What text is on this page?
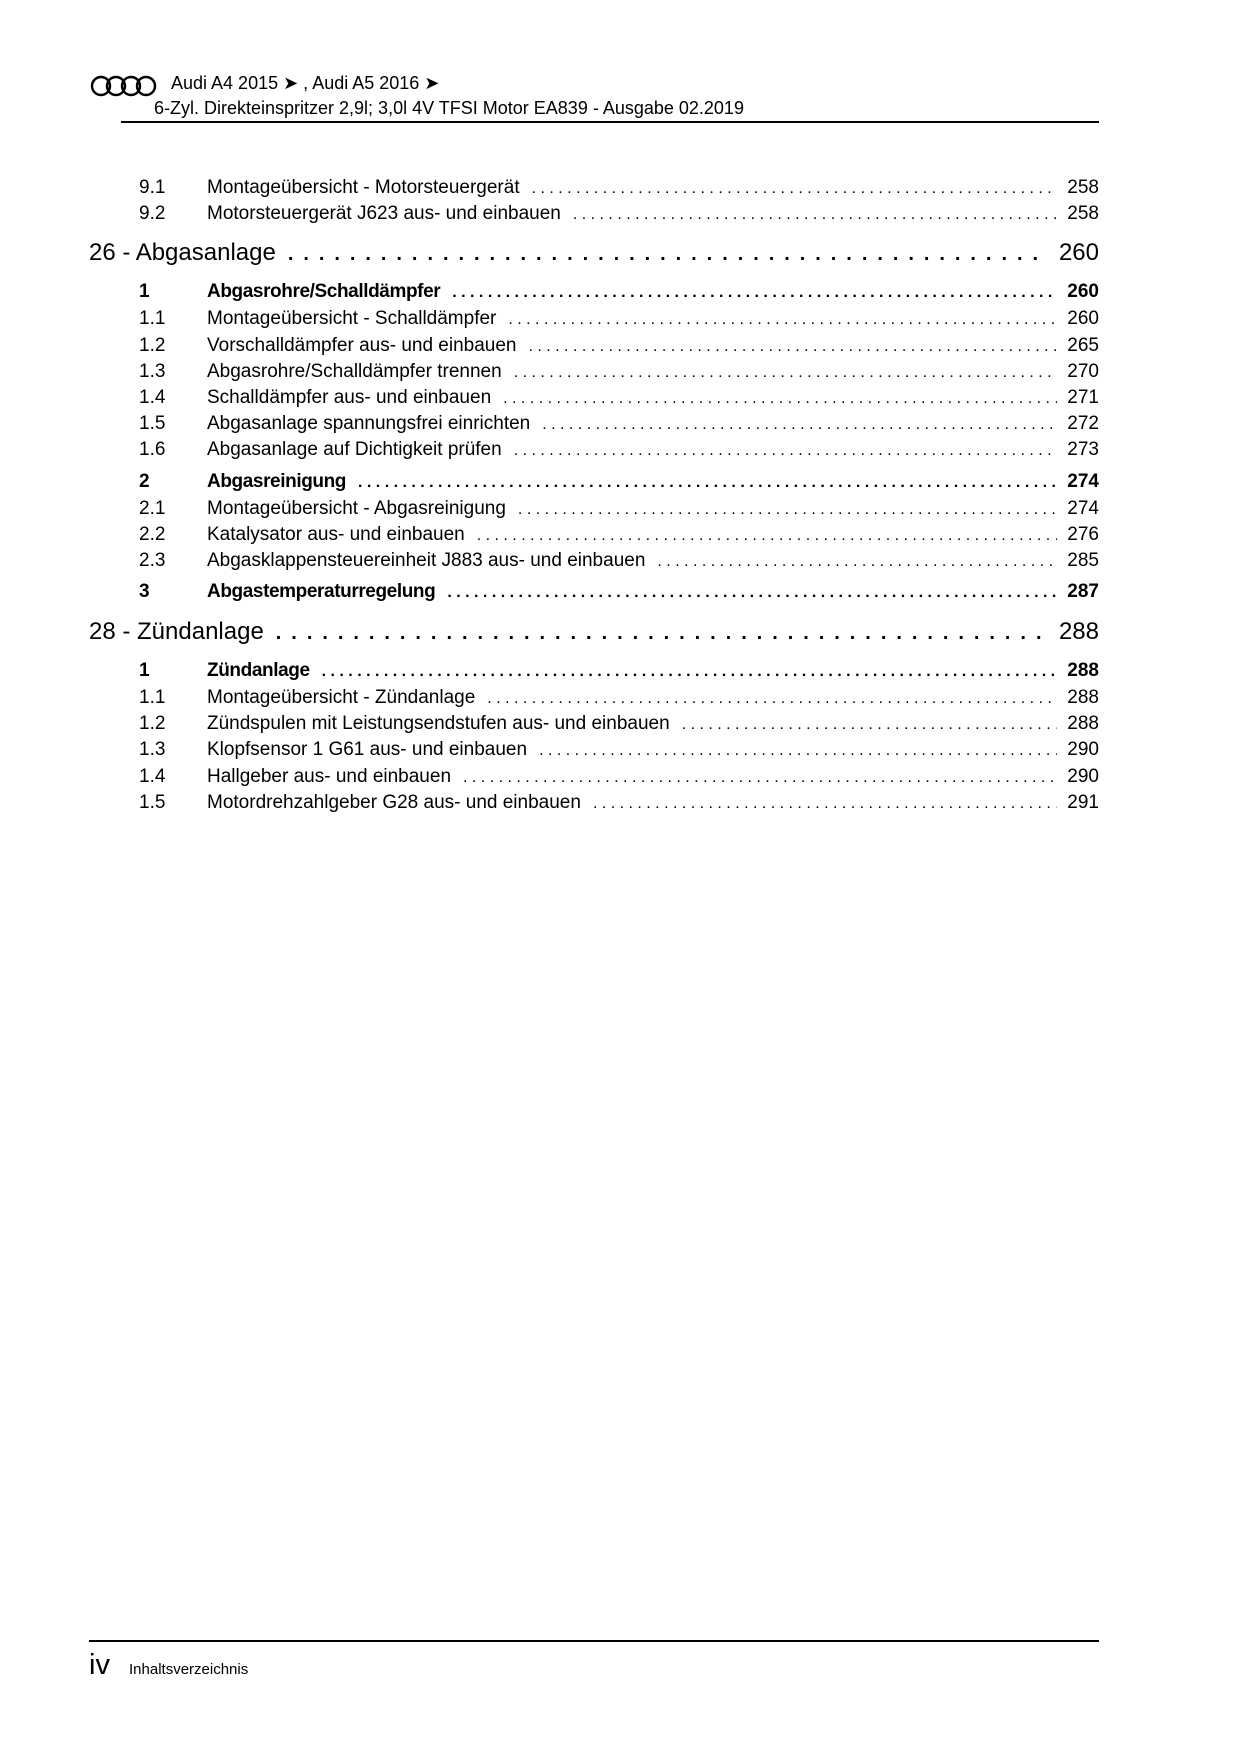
Audi A4 2015 ➤ , Audi A5 2016 ➤
6-Zyl. Direkteinspritzer 2,9l; 3,0l 4V TFSI Motor EA839 - Ausgabe 02.2019
9.1	Montageübersicht - Motorsteuergerät . . .	258
9.2	Motorsteuergerät J623 aus- und einbauen . . .	258
26 - Abgasanlage . . .	260
1	Abgasrohre/Schalldämpfer . . .	260
1.1	Montageübersicht - Schalldämpfer . . .	260
1.2	Vorschalldämpfer aus- und einbauen . . .	265
1.3	Abgasrohre/Schalldämpfer trennen . . .	270
1.4	Schalldämpfer aus- und einbauen . . .	271
1.5	Abgasanlage spannungsfrei einrichten . . .	272
1.6	Abgasanlage auf Dichtigkeit prüfen . . .	273
2	Abgasreinigung . . .	274
2.1	Montageübersicht - Abgasreinigung . . .	274
2.2	Katalysator aus- und einbauen . . .	276
2.3	Abgasklappensteuereinheit J883 aus- und einbauen . . .	285
3	Abgastemperaturregelung . . .	287
28 - Zündanlage . . .	288
1	Zündanlage . . .	288
1.1	Montageübersicht - Zündanlage . . .	288
1.2	Zündspulen mit Leistungsendstufen aus- und einbauen . . .	288
1.3	Klopfsensor 1 G61 aus- und einbauen . . .	290
1.4	Hallgeber aus- und einbauen . . .	290
1.5	Motordrehzahlgeber G28 aus- und einbauen . . .	291
iv Inhaltsverzeichnis
